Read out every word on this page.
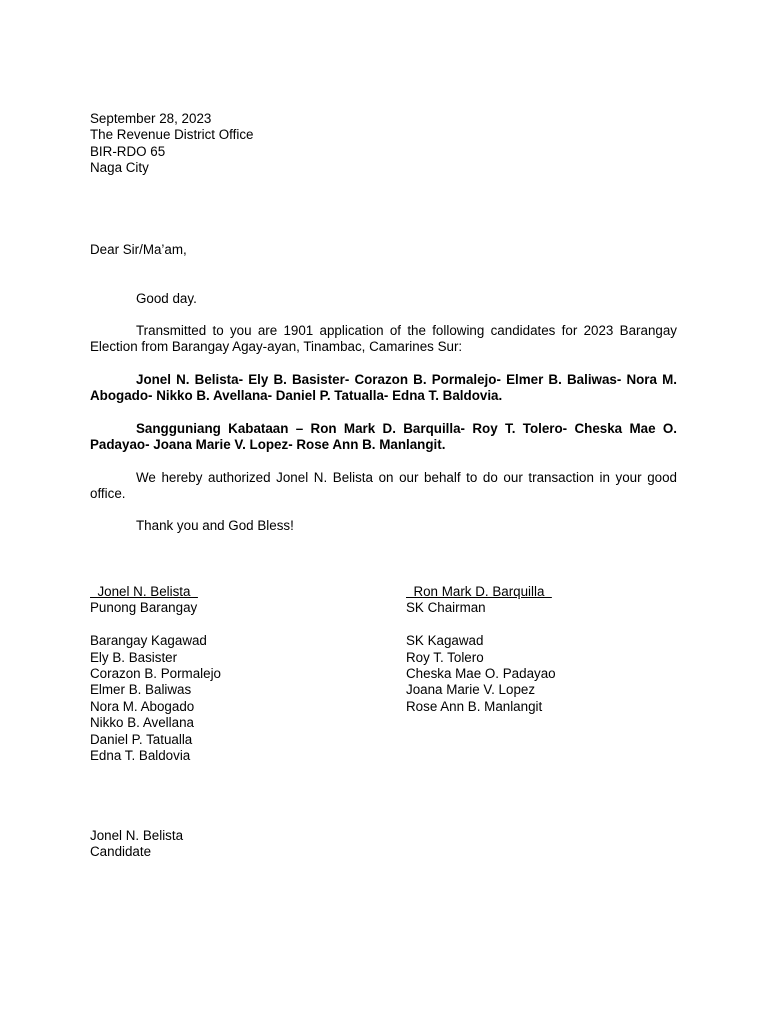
September 28, 2023
The Revenue District Office
BIR-RDO 65
Naga City
Dear Sir/Ma’am,
Good day.

Transmitted to you are 1901 application of the following candidates for 2023 Barangay Election from Barangay Agay-ayan, Tinambac, Camarines Sur:

Jonel N. Belista- Ely B. Basister- Corazon B. Pormalejo- Elmer B. Baliwas- Nora M. Abogado- Nikko B. Avellana- Daniel P. Tatualla- Edna T. Baldovia.

Sangguniang Kabataan – Ron Mark D. Barquilla- Roy T. Tolero- Cheska Mae O. Padayao- Joana Marie V. Lopez- Rose Ann B. Manlangit.

We hereby authorized Jonel N. Belista on our behalf to do our transaction in your good office.

Thank you and God Bless!
Jonel N. Belista
Punong Barangay
Barangay Kagawad
Ely B. Basister
Corazon B. Pormalejo
Elmer B. Baliwas
Nora M. Abogado
Nikko B. Avellana
Daniel P. Tatualla
Edna T. Baldovia
Ron Mark D. Barquilla
SK Chairman
SK Kagawad
Roy T. Tolero
Cheska Mae O. Padayao
Joana Marie V. Lopez
Rose Ann B. Manlangit
Jonel N. Belista
Candidate
